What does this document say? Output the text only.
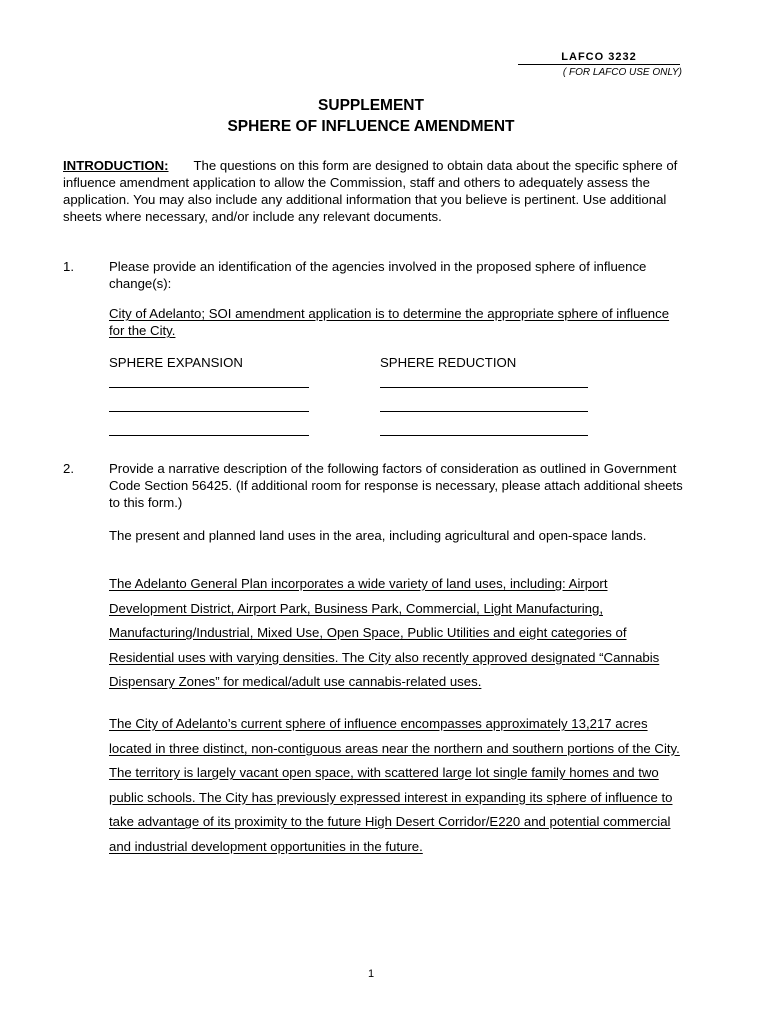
LAFCO 3232
( FOR LAFCO USE ONLY)
SUPPLEMENT
SPHERE OF INFLUENCE AMENDMENT
INTRODUCTION: The questions on this form are designed to obtain data about the specific sphere of influence amendment application to allow the Commission, staff and others to adequately assess the application. You may also include any additional information that you believe is pertinent. Use additional sheets where necessary, and/or include any relevant documents.
1.	Please provide an identification of the agencies involved in the proposed sphere of influence change(s):
City of Adelanto; SOI amendment application is to determine the appropriate sphere of influence for the City.
SPHERE EXPANSION	SPHERE REDUCTION
2.	Provide a narrative description of the following factors of consideration as outlined in Government Code Section 56425. (If additional room for response is necessary, please attach additional sheets to this form.)
The present and planned land uses in the area, including agricultural and open-space lands.
The Adelanto General Plan incorporates a wide variety of land uses, including: Airport Development District, Airport Park, Business Park, Commercial, Light Manufacturing, Manufacturing/Industrial, Mixed Use, Open Space, Public Utilities and eight categories of Residential uses with varying densities. The City also recently approved designated “Cannabis Dispensary Zones” for medical/adult use cannabis-related uses.
The City of Adelanto’s current sphere of influence encompasses approximately 13,217 acres located in three distinct, non-contiguous areas near the northern and southern portions of the City. The territory is largely vacant open space, with scattered large lot single family homes and two public schools. The City has previously expressed interest in expanding its sphere of influence to take advantage of its proximity to the future High Desert Corridor/E220 and potential commercial and industrial development opportunities in the future.
1
